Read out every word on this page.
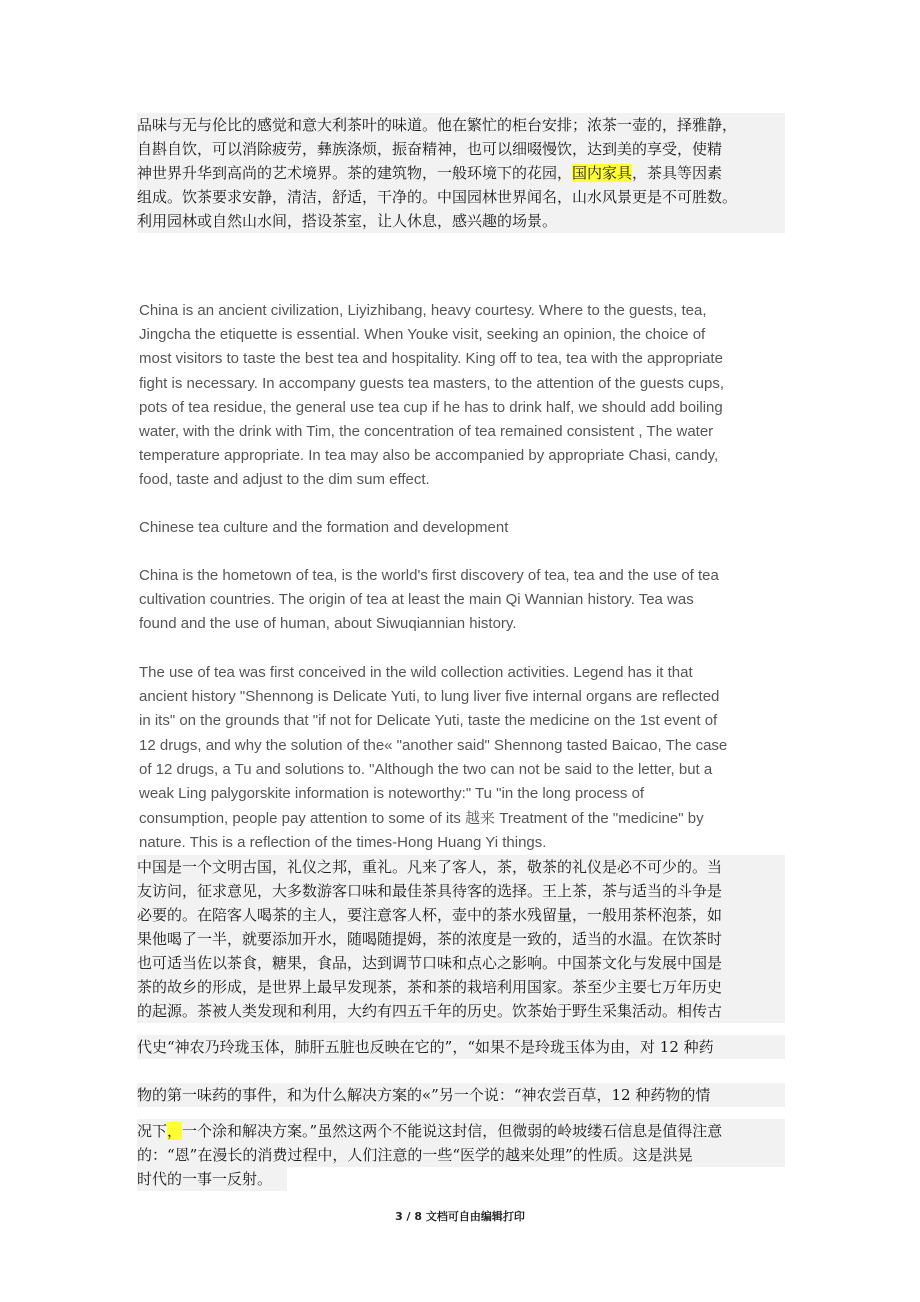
品味与无与伦比的感觉和意大利茶叶的味道。他在繁忙的柜台安排；浓茶一壶的，择雅静，
自斟自饮，可以消除疲劳，彝族涤烦，振奋精神，也可以细啜慢饮，达到美的享受，使精
神世界升华到高尚的艺术境界。茶的建筑物，一般环境下的花园，国内家具，茶具等因素
组成。饮茶要求安静，清洁，舒适，干净的。中国园林世界闻名，山水风景更是不可胜数。
利用园林或自然山水间，搭设茶室，让人休息，感兴趣的场景。
China is an ancient civilization, Liyizhibang, heavy courtesy. Where to the guests, tea,
Jingcha the etiquette is essential. When Youke visit, seeking an opinion, the choice of
most visitors to taste the best tea and hospitality. King off to tea, tea with the appropriate
fight is necessary. In accompany guests tea masters, to the attention of the guests cups,
pots of tea residue, the general use tea cup if he has to drink half, we should add boiling
water, with the drink with Tim, the concentration of tea remained consistent , The water
temperature appropriate. In tea may also be accompanied by appropriate Chasi, candy,
food, taste and adjust to the dim sum effect.
Chinese tea culture and the formation and development
China is the hometown of tea, is the world's first discovery of tea, tea and the use of tea
cultivation countries. The origin of tea at least the main Qi Wannian history. Tea was
found and the use of human, about Siwuqiannian history.
The use of tea was first conceived in the wild collection activities. Legend has it that
ancient history "Shennong is Delicate Yuti, to lung liver five internal organs are reflected
in its" on the grounds that "if not for Delicate Yuti, taste the medicine on the 1st event of
12 drugs, and why the solution of the« "another said" Shennong tasted Baicao, The case
of 12 drugs, a Tu and solutions to. "Although the two can not be said to the letter, but a
weak Ling palygorskite information is noteworthy:" Tu "in the long process of
consumption, people pay attention to some of its 越来 Treatment of the "medicine" by
nature. This is a reflection of the times-Hong Huang Yi things.
中国是一个文明古国，礼仪之邦，重礼。凡来了客人，茶，敬茶的礼仪是必不可少的。当
友访问，征求意见，大多数游客口味和最佳茶具待客的选择。王上茶，茶与适当的斗争是
必要的。在陪客人喝茶的主人，要注意客人杯，壶中的茶水残留量，一般用茶杯泡茶，如
果他喝了一半，就要添加开水，随喝随提姆，茶的浓度是一致的，适当的水温。在饮茶时
也可适当佐以茶食，糖果，食品，达到调节口味和点心之影响。中国茶文化与发展中国是
茶的故乡的形成，是世界上最早发现茶，茶和茶的栽培利用国家。茶至少主要七万年历史
的起源。茶被人类发现和利用，大约有四五千年的历史。饮茶始于野生采集活动。相传古
代史“神农乃玲珑玉体，肺肝五脏也反映在它的”，“如果不是玲珑玉体为由，对 12 种药
物的第一味药的事件，和为什么解决方案的«”另一个说：“神农尝百草，12 种药物的情
况下，一个涂和解决方案。”虽然这两个不能说这封信，但微弱的岭坡缕石信息是值得注意
的：“恩”在漫长的消费过程中，人们注意的一些“医学的越来处理”的性质。这是洪晃
时代的一事一反射。
3 / 8 文档可自由编辑打印
